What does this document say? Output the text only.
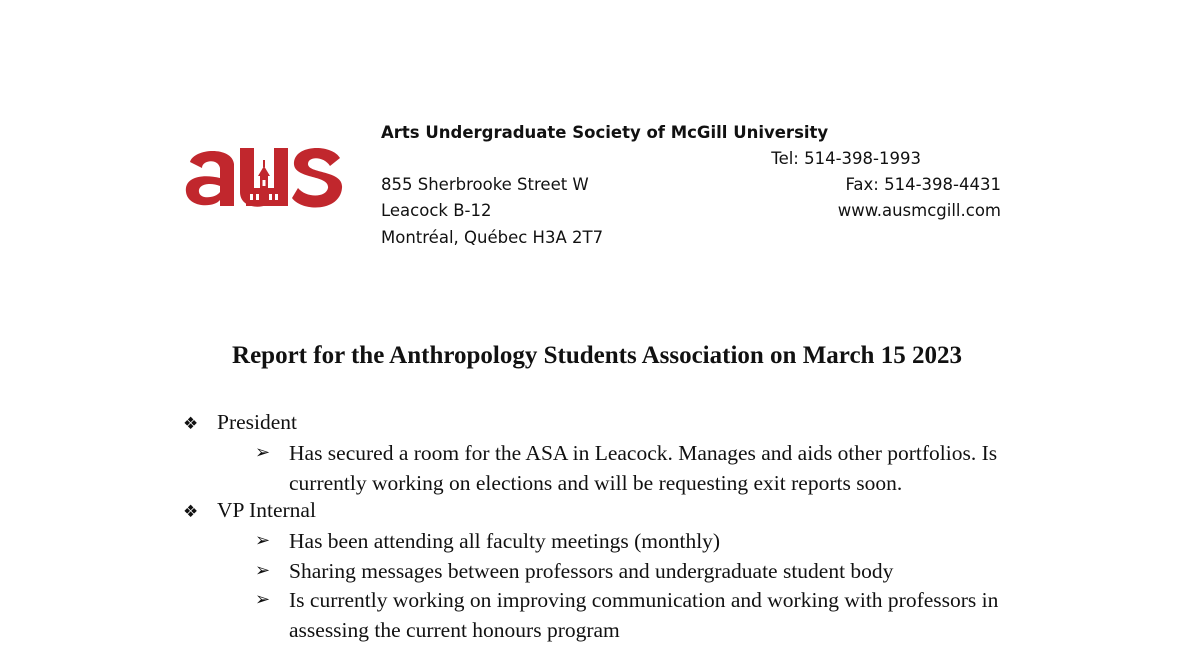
Arts Undergraduate Society of McGill University
855 Sherbrooke Street W
Leacock B-12
Montréal, Québec H3A 2T7
Tel: 514-398-1993
Fax: 514-398-4431
www.ausmcgill.com
Report for the Anthropology Students Association on March 15 2023
❖ President
➢ Has secured a room for the ASA in Leacock. Manages and aids other portfolios. Is currently working on elections and will be requesting exit reports soon.
❖ VP Internal
➢ Has been attending all faculty meetings (monthly)
➢ Sharing messages between professors and undergraduate student body
➢ Is currently working on improving communication and working with professors in assessing the current honours program
